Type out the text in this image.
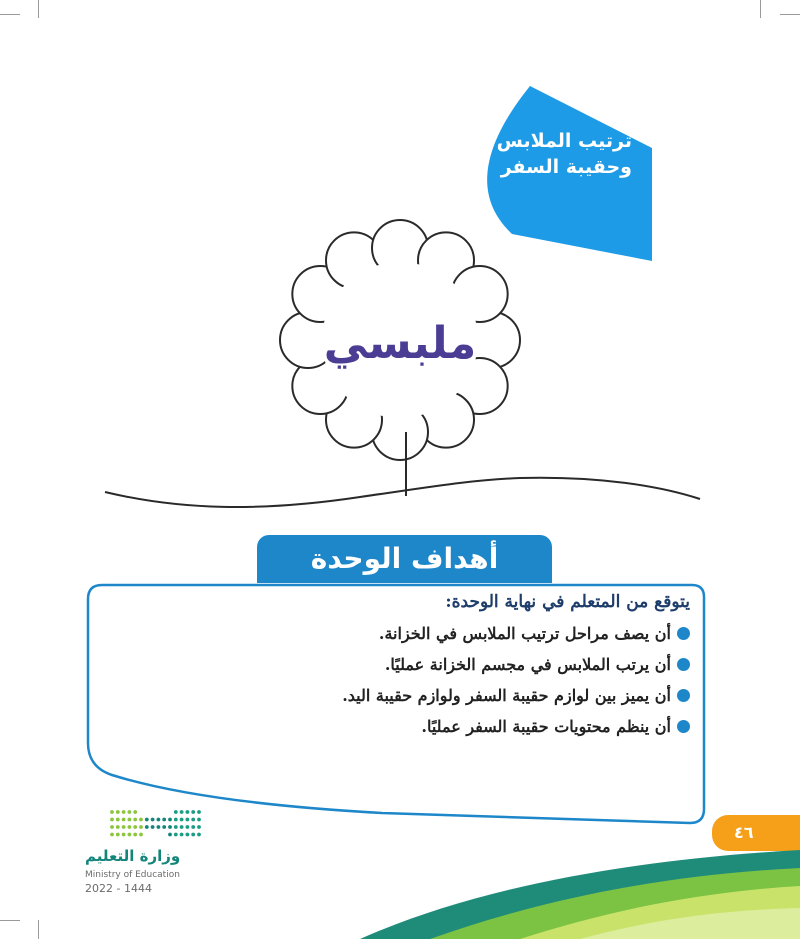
ترتيب الملابس
وحقيبة السفر
ملبسي
أهداف الوحدة
يتوقع من المتعلم في نهاية الوحدة:
أن يصف مراحل ترتيب الملابس في الخزانة.
أن يرتب الملابس في مجسم الخزانة عمليًا.
أن يميز بين لوازم حقيبة السفر ولوازم حقيبة اليد.
أن ينظم محتويات حقيبة السفر عمليًا.
٤٦
وزارة التعليم
Ministry of Education
2022 - 1444
